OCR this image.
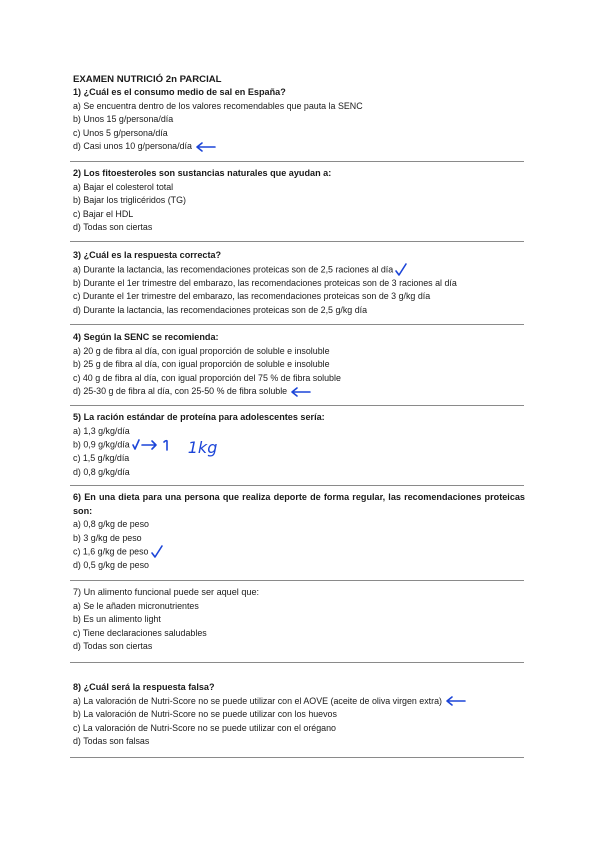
EXAMEN NUTRICIÓ 2n PARCIAL

1) ¿Cuál es el consumo medio de sal en España?

a) Se encuentra dentro de los valores recomendables que pauta la SENC
b) Unos 15 g/persona/día
c) Unos 5 g/persona/día
d) Casi unos 10 g/persona/día

2) Los fitoesteroles son sustancias naturales que ayudan a:

a) Bajar el colesterol total
b) Bajar los triglicéridos (TG)
c) Bajar el HDL
d) Todas son ciertas

3) ¿Cuál es la respuesta correcta?

a) Durante la lactancia, las recomendaciones proteicas son de 2,5 raciones al día
b) Durante el 1er trimestre del embarazo, las recomendaciones proteicas son de 3 raciones al día
c) Durante el 1er trimestre del embarazo, las recomendaciones proteicas son de 3 g/kg día
d) Durante la lactancia, las recomendaciones proteicas son de 2,5 g/kg día

4) Según la SENC se recomienda:

a) 20 g de fibra al día, con igual proporción de soluble e insoluble
b) 25 g de fibra al día, con igual proporción de soluble e insoluble
c) 40 g de fibra al día, con igual proporción del 75 % de fibra soluble
d) 25-30 g de fibra al día, con 25-50 % de fibra soluble

5) La ración estándar de proteína para adolescentes sería:

a) 1,3 g/kg/día
b) 0,9 g/kg/día	1kg
c) 1,5 g/kg/día
d) 0,8 g/kg/día

6) En una dieta para una persona que realiza deporte de forma regular, las recomendaciones proteicas son:

a) 0,8 g/kg de peso
b) 3 g/kg de peso
c) 1,6 g/kg de peso
d) 0,5 g/kg de peso

7) Un alimento funcional puede ser aquel que:

a) Se le añaden micronutrientes
b) Es un alimento light
c) Tiene declaraciones saludables
d) Todas son ciertas

8) ¿Cuál será la respuesta falsa?

a) La valoración de Nutri-Score no se puede utilizar con el AOVE (aceite de oliva virgen extra)
b) La valoración de Nutri-Score no se puede utilizar con los huevos
c) La valoración de Nutri-Score no se puede utilizar con el orégano
d) Todas son falsas
